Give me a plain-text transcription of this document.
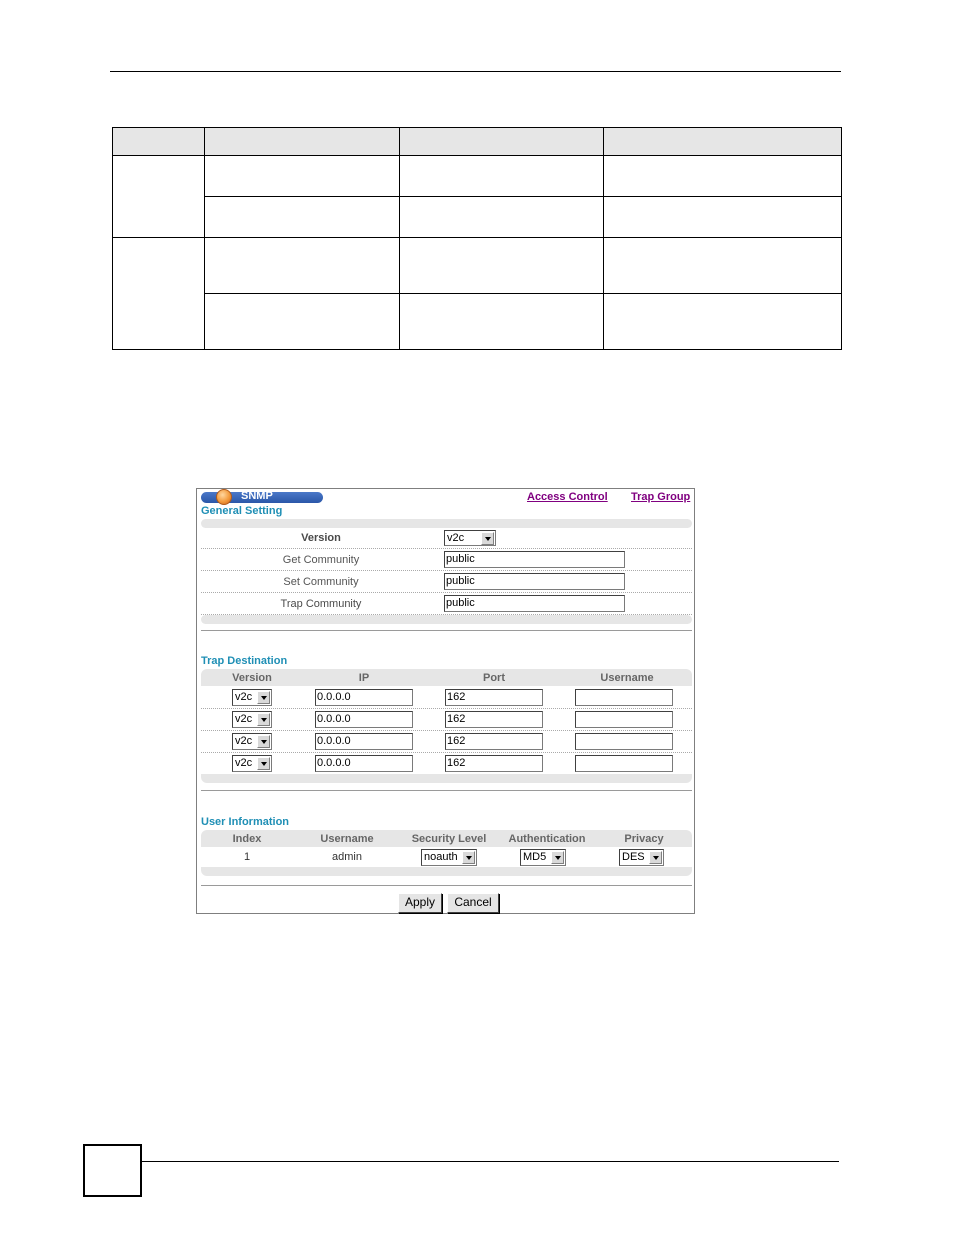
SNMP	Access Control Trap Group
General Setting
Version	v2c
Get Community	public
Set Community	public
Trap Community	public
Trap Destination
Version	IP	Port	Username
v2c	0.0.0.0	162
v2c	0.0.0.0	162
v2c	0.0.0.0	162
v2c	0.0.0.0	162
User Information
Index	Username	Security Level	Authentication	Privacy
1	admin	noauth	MD5	DES
Apply	Cancel
